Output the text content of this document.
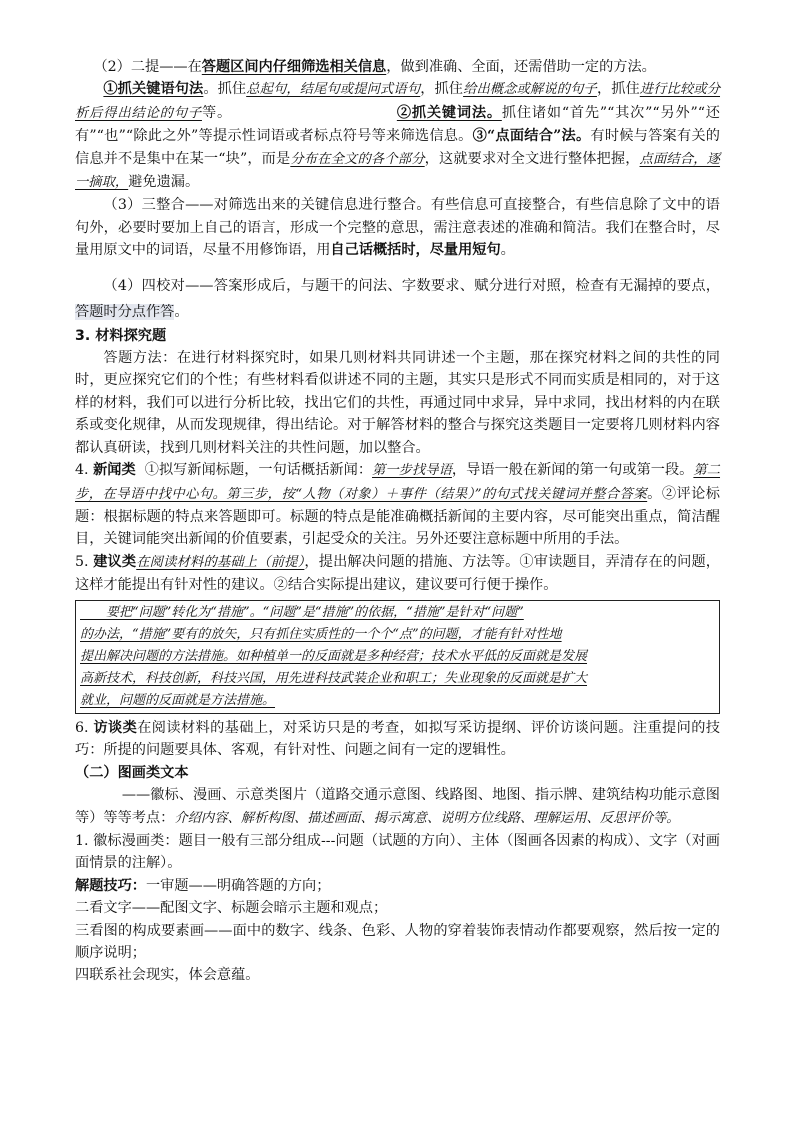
（2）二提——在答题区间内仔细筛选相关信息，做到准确、全面，还需借助一定的方法。

①抓关键语句法。抓住总起句，结尾句或提问式语句，抓住给出概念或解说的句子，抓住进行比较或分析后得出结论的句子等。	②抓关键词法。抓住诸如“首先”“其次”“另外”“还有”“也”“除此之外”等提示性词语或者标点符号等来筛选信息。③“点面结合”法。有时候与答案有关的信息并不是集中在某一“块”，而是分布在全文的各个部分，这就要求对全文进行整体把握，点面结合，逐一摘取，避免遗漏。

（3）三整合——对筛选出来的关键信息进行整合。有些信息可直接整合，有些信息除了文中的语句外，必要时要加上自己的语言，形成一个完整的意思，需注意表述的准确和简洁。我们在整合时，尽量用原文中的词语，尽量不用修饰语，用自己话概括时，尽量用短句。

（4）四校对——答案形成后，与题干的问法、字数要求、赋分进行对照，检查有无漏掉的要点，答题时分点作答。

3. 材料探究题

答题方法：在进行材料探究时，如果几则材料共同讲述一个主题，那在探究材料之间的共性的同时，更应探究它们的个性；有些材料看似讲述不同的主题，其实只是形式不同而实质是相同的，对于这样的材料，我们可以进行分析比较，找出它们的共性，再通过同中求异，异中求同，找出材料的内在联系或变化规律，从而发现规律，得出结论。对于解答材料的整合与探究这类题目一定要将几则材料内容都认真研读，找到几则材料关注的共性问题，加以整合。

4. 新闻类 ①拟写新闻标题，一句话概括新闻：第一步找导语，导语一般在新闻的第一句或第一段。第二步，在导语中找中心句。第三步，按“人物（对象）＋事件（结果）”的句式找关键词并整合答案。②评论标题：根据标题的特点来答题即可。标题的特点是能准确概括新闻的主要内容，尽可能突出重点，简洁醒目，关键词能突出新闻的价值要素，引起受众的关注。另外还要注意标题中所用的手法。

5. 建议类在阅读材料的基础上（前提），提出解决问题的措施、方法等。①审读题目，弄清存在的问题，这样才能提出有针对性的建议。②结合实际提出建议，建议要可行便于操作。

　　要把“问题”转化为“措施”。“问题”是“措施”的依据，“措施”是针对“问题”
的办法，“措施”要有的放矢，只有抓住实质性的一个个“点”的问题，才能有针对性地
提出解决问题的方法措施。如种植单一的反面就是多种经营；技术水平低的反面就是发展
高新技术，科技创新，科技兴国，用先进科技武装企业和职工；失业现象的反面就是扩大
就业，问题的反面就是方法措施。

6. 访谈类在阅读材料的基础上，对采访只是的考查，如拟写采访提纲、评价访谈问题。注重提问的技巧：所提的问题要具体、客观，有针对性、问题之间有一定的逻辑性。

（二）图画类文本

——徽标、漫画、示意类图片（道路交通示意图、线路图、地图、指示牌、建筑结构功能示意图等）等等考点：介绍内容、解析构图、描述画面、揭示寓意、说明方位线路、理解运用、反思评价等。

1. 徽标漫画类：题目一般有三部分组成---问题（试题的方向）、主体（图画各因素的构成）、文字（对画面情景的注解）。

解题技巧：一审题——明确答题的方向；

二看文字——配图文字、标题会暗示主题和观点；

三看图的构成要素画——面中的数字、线条、色彩、人物的穿着装饰表情动作都要观察，然后按一定的顺序说明；

四联系社会现实，体会意蕴。
